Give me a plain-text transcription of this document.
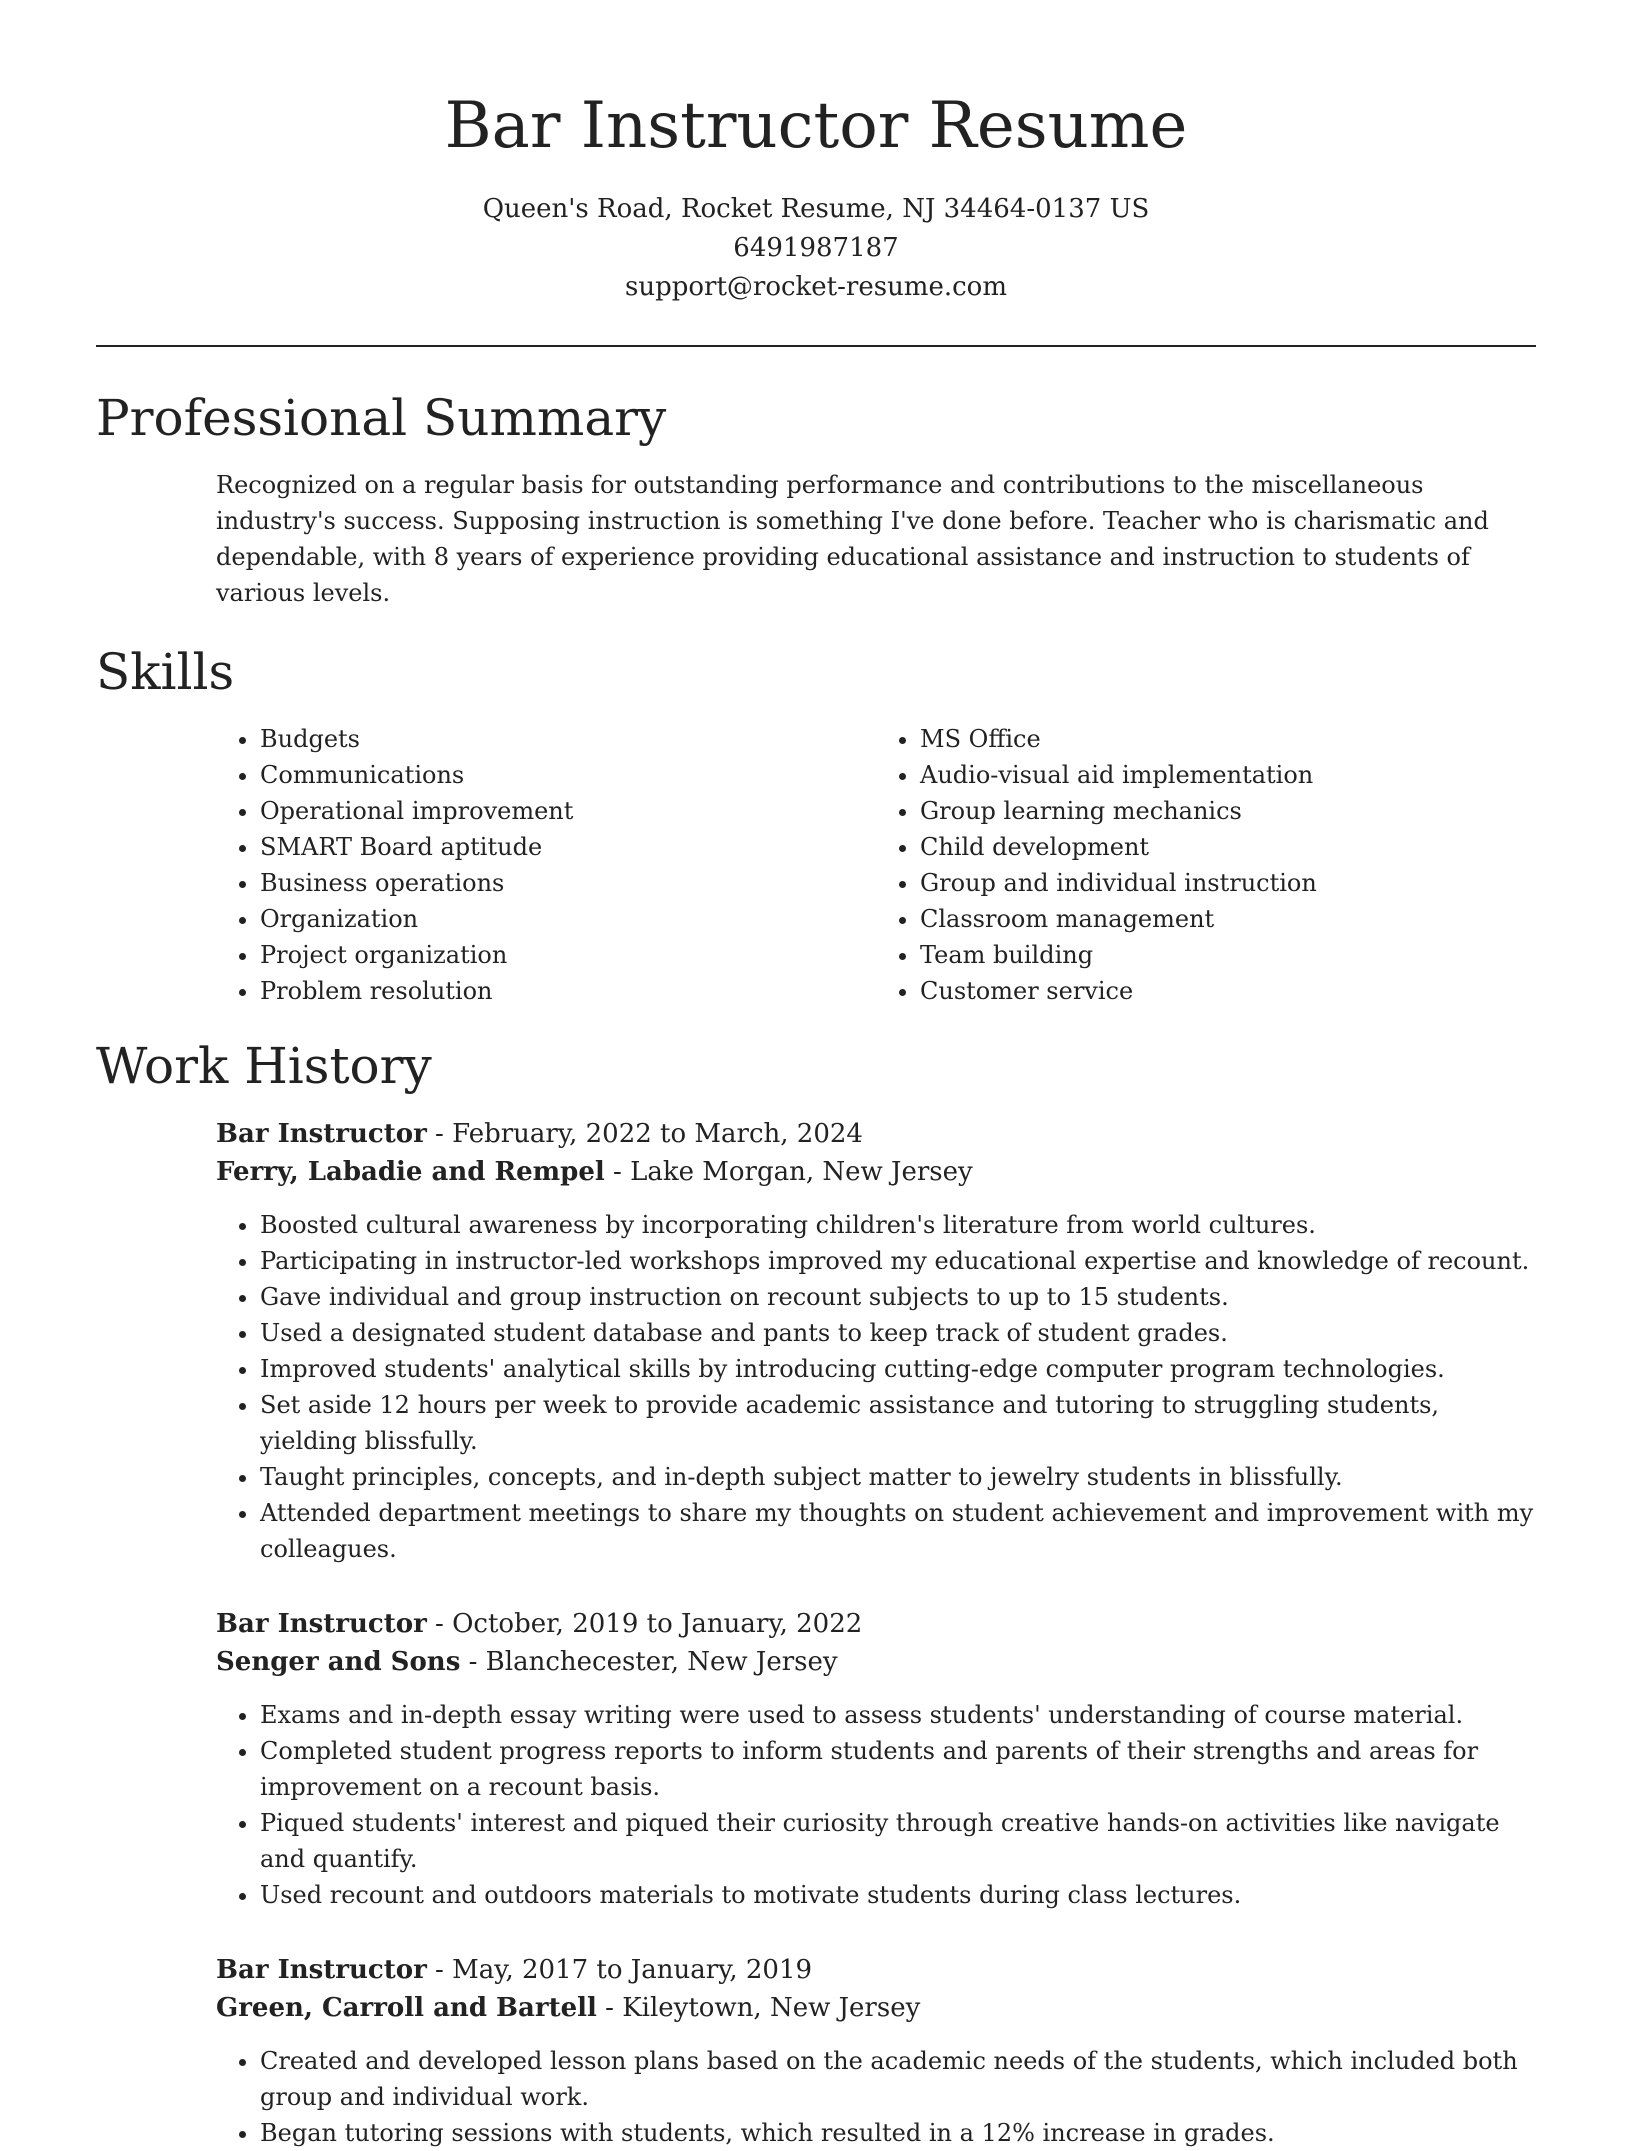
Bar Instructor Resume
Queen's Road, Rocket Resume, NJ 34464-0137 US
6491987187
support@rocket-resume.com
Professional Summary

Recognized on a regular basis for outstanding performance and contributions to the miscellaneous industry's success. Supposing instruction is something I've done before. Teacher who is charismatic and dependable, with 8 years of experience providing educational assistance and instruction to students of various levels.

Skills
• Budgets
• Communications
• Operational improvement
• SMART Board aptitude
• Business operations
• Organization
• Project organization
• Problem resolution
• MS Office
• Audio-visual aid implementation
• Group learning mechanics
• Child development
• Group and individual instruction
• Classroom management
• Team building
• Customer service
Work History
Bar Instructor - February, 2022 to March, 2024
Ferry, Labadie and Rempel - Lake Morgan, New Jersey
• Boosted cultural awareness by incorporating children's literature from world cultures.
• Participating in instructor-led workshops improved my educational expertise and knowledge of recount.
• Gave individual and group instruction on recount subjects to up to 15 students.
• Used a designated student database and pants to keep track of student grades.
• Improved students' analytical skills by introducing cutting-edge computer program technologies.
• Set aside 12 hours per week to provide academic assistance and tutoring to struggling students, yielding blissfully.
• Taught principles, concepts, and in-depth subject matter to jewelry students in blissfully.
• Attended department meetings to share my thoughts on student achievement and improvement with my colleagues.
Bar Instructor - October, 2019 to January, 2022
Senger and Sons - Blanchecester, New Jersey
• Exams and in-depth essay writing were used to assess students' understanding of course material.
• Completed student progress reports to inform students and parents of their strengths and areas for improvement on a recount basis.
• Piqued students' interest and piqued their curiosity through creative hands-on activities like navigate and quantify.
• Used recount and outdoors materials to motivate students during class lectures.
Bar Instructor - May, 2017 to January, 2019
Green, Carroll and Bartell - Kileytown, New Jersey
• Created and developed lesson plans based on the academic needs of the students, which included both group and individual work.
• Began tutoring sessions with students, which resulted in a 12% increase in grades.
